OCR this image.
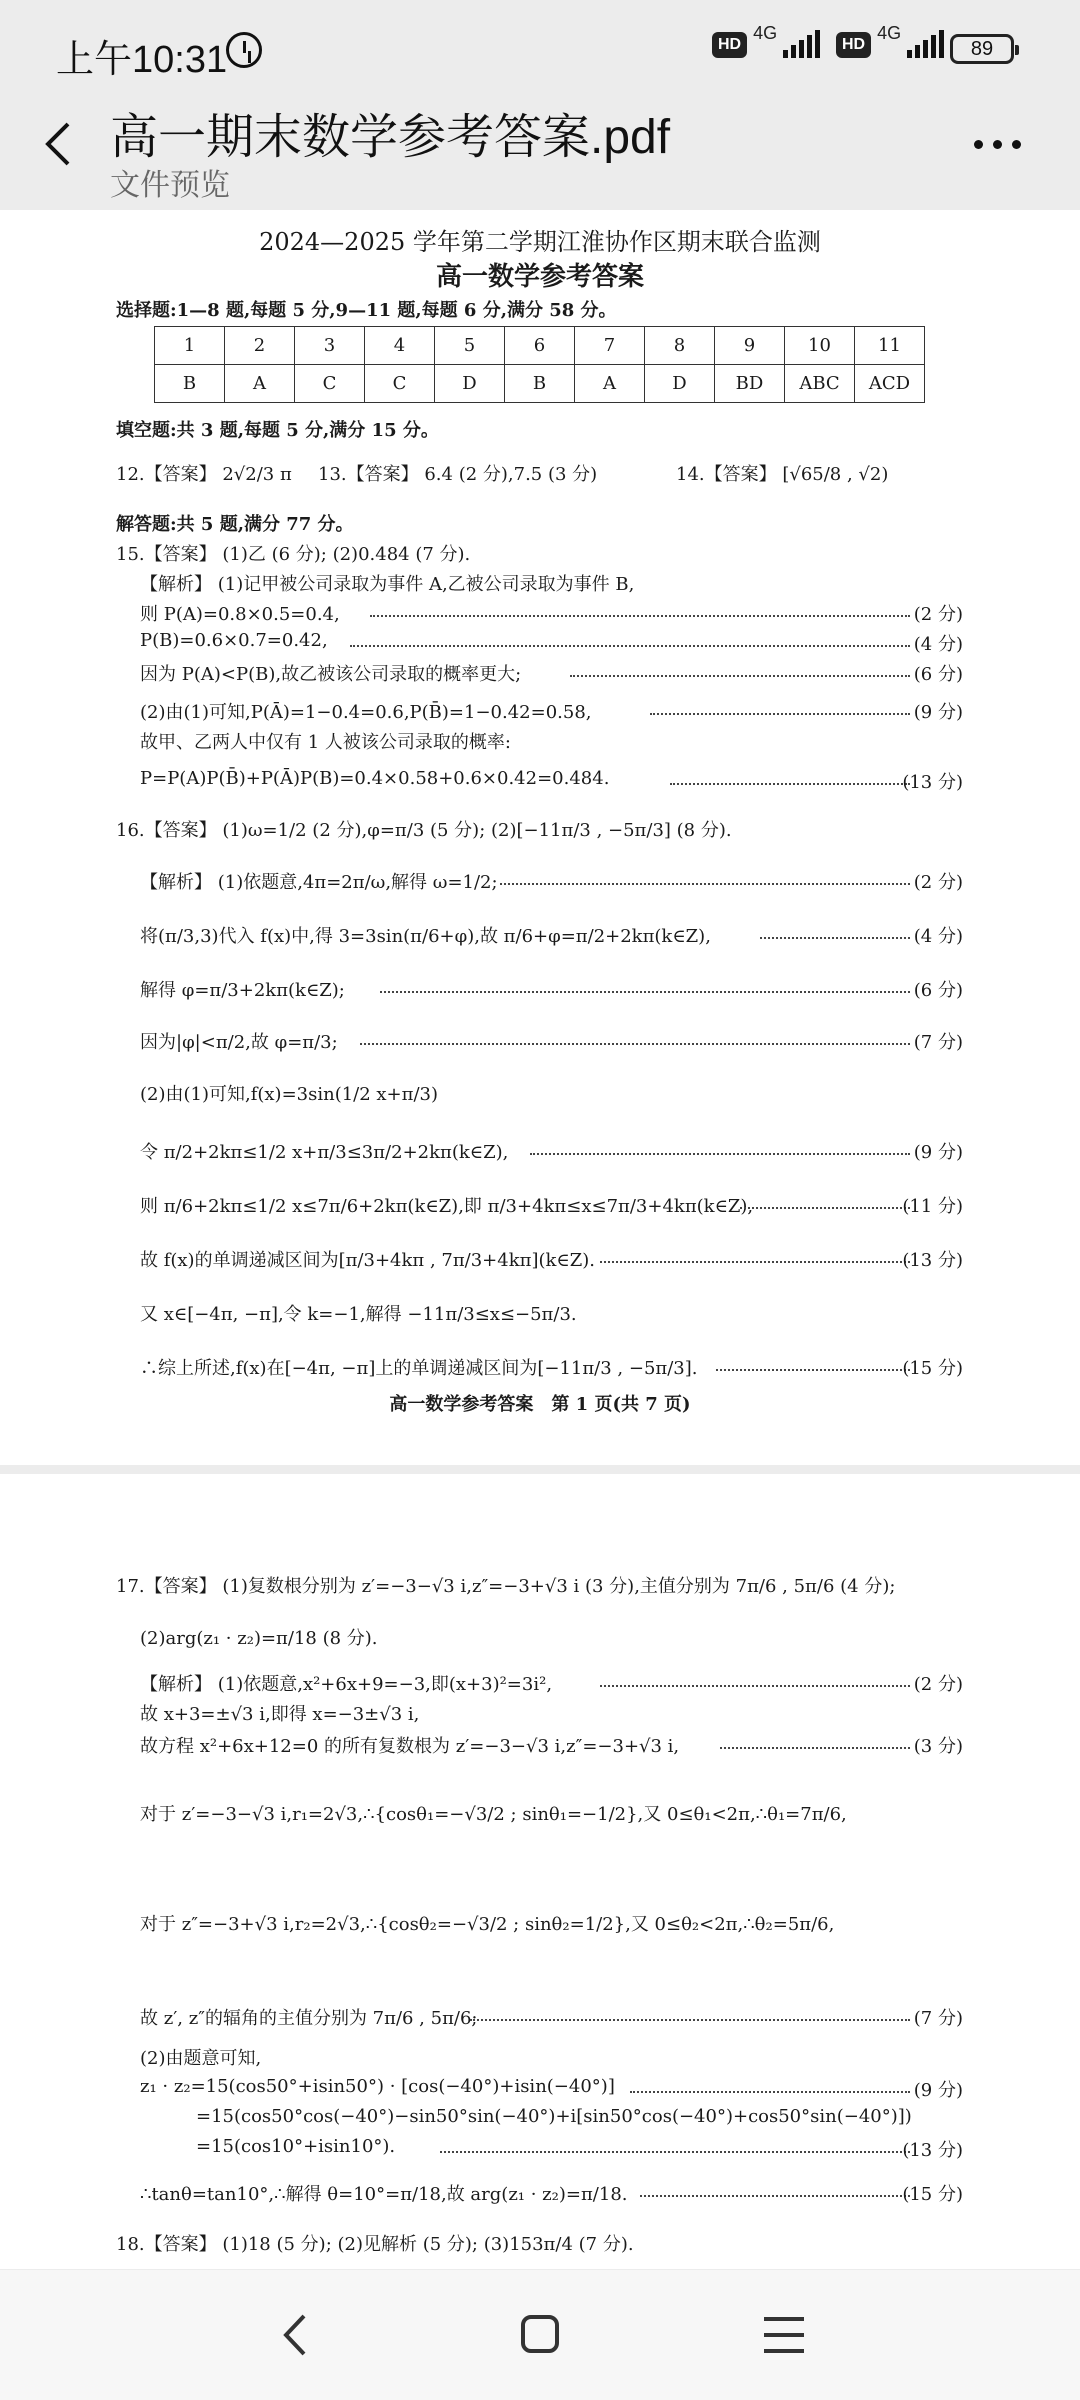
上午10:31	HD
4G
HD
4G
89
高一期末数学参考答案.pdf
文件预览
2024—2025 学年第二学期江淮协作区期末联合监测
高一数学参考答案
选择题:1—8 题,每题 5 分,9—11 题,每题 6 分,满分 58 分。
1	2	3	4	5	6	7	8	9	10	11
B	A	C	C	D	B	A	D	BD	ABC	ACD
填空题:共 3 题,每题 5 分,满分 15 分。
12.【答案】 2√2/3 π 13.【答案】 6.4 (2 分),7.5 (3 分)	14.【答案】 [√65/8 , √2)
解答题:共 5 题,满分 77 分。
15.【答案】 (1)乙 (6 分); (2)0.484 (7 分).
【解析】 (1)记甲被公司录取为事件 A,乙被公司录取为事件 B,
则 P(A)=0.8×0.5=0.4,	(2 分)
P(B)=0.6×0.7=0.42,	(4 分)
因为 P(A)<P(B),故乙被该公司录取的概率更大;	(6 分)
(2)由(1)可知,P(Ā)=1−0.4=0.6,P(B̄)=1−0.42=0.58,	(9 分)
故甲、乙两人中仅有 1 人被该公司录取的概率:
P=P(A)P(B̄)+P(Ā)P(B)=0.4×0.58+0.6×0.42=0.484.	(13 分)
16.【答案】 (1)ω=1/2 (2 分),φ=π/3 (5 分); (2)[−11π/3 , −5π/3] (8 分).
【解析】 (1)依题意,4π=2π/ω,解得 ω=1/2;	(2 分)
将(π/3,3)代入 f(x)中,得 3=3sin(π/6+φ),故 π/6+φ=π/2+2kπ(k∈Z),	(4 分)
解得 φ=π/3+2kπ(k∈Z);	(6 分)
因为|φ|<π/2,故 φ=π/3;	(7 分)
(2)由(1)可知,f(x)=3sin(1/2 x+π/3)
令 π/2+2kπ≤1/2 x+π/3≤3π/2+2kπ(k∈Z),	(9 分)
则 π/6+2kπ≤1/2 x≤7π/6+2kπ(k∈Z),即 π/3+4kπ≤x≤7π/3+4kπ(k∈Z),	(11 分)
故 f(x)的单调递减区间为[π/3+4kπ , 7π/3+4kπ](k∈Z).	(13 分)
又 x∈[−4π, −π],令 k=−1,解得 −11π/3≤x≤−5π/3.
∴综上所述,f(x)在[−4π, −π]上的单调递减区间为[−11π/3 , −5π/3].	(15 分)
高一数学参考答案　第 1 页(共 7 页)
17.【答案】 (1)复数根分别为 z′=−3−√3 i,z″=−3+√3 i (3 分),主值分别为 7π/6 , 5π/6 (4 分);
(2)arg(z₁ · z₂)=π/18 (8 分).
【解析】 (1)依题意,x²+6x+9=−3,即(x+3)²=3i²,	(2 分)
故 x+3=±√3 i,即得 x=−3±√3 i,
故方程 x²+6x+12=0 的所有复数根为 z′=−3−√3 i,z″=−3+√3 i,	(3 分)
对于 z′=−3−√3 i,r₁=2√3,∴{cosθ₁=−√3/2 ; sinθ₁=−1/2},又 0≤θ₁<2π,∴θ₁=7π/6,
对于 z″=−3+√3 i,r₂=2√3,∴{cosθ₂=−√3/2 ; sinθ₂=1/2},又 0≤θ₂<2π,∴θ₂=5π/6,
故 z′, z″的辐角的主值分别为 7π/6 , 5π/6;	(7 分)
(2)由题意可知,
z₁ · z₂=15(cos50°+isin50°) · [cos(−40°)+isin(−40°)]	(9 分)
=15(cos50°cos(−40°)−sin50°sin(−40°)+i[sin50°cos(−40°)+cos50°sin(−40°)])
=15(cos10°+isin10°).	(13 分)
∴tanθ=tan10°,∴解得 θ=10°=π/18,故 arg(z₁ · z₂)=π/18.	(15 分)
18.【答案】 (1)18 (5 分); (2)见解析 (5 分); (3)153π/4 (7 分).
